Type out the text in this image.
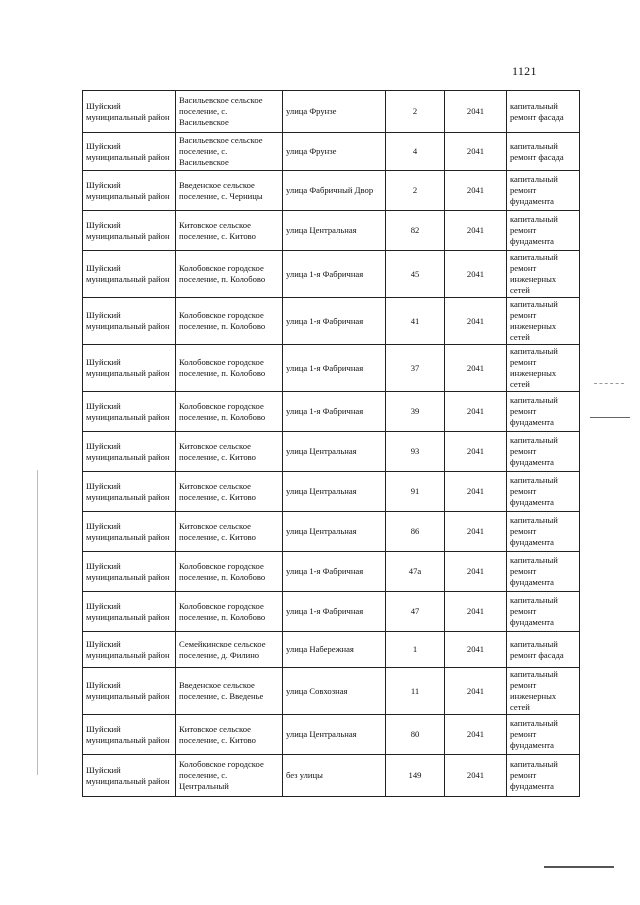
1121
Шуйский муниципальный район	Васильевское сельское поселение, с. Васильевское	улица Фрунзе	2	2041	капитальный ремонт фасада
Шуйский муниципальный район	Васильевское сельское поселение, с. Васильевское	улица Фрунзе	4	2041	капитальный ремонт фасада
Шуйский муниципальный район	Введенское сельское поселение, с. Черницы	улица Фабричный Двор	2	2041	капитальный ремонт фундамента
Шуйский муниципальный район	Китовское сельское поселение, с. Китово	улица Центральная	82	2041	капитальный ремонт фундамента
Шуйский муниципальный район	Колобовское городское поселение, п. Колобово	улица 1-я Фабричная	45	2041	капитальный ремонт инженерных сетей
Шуйский муниципальный район	Колобовское городское поселение, п. Колобово	улица 1-я Фабричная	41	2041	капитальный ремонт инженерных сетей
Шуйский муниципальный район	Колобовское городское поселение, п. Колобово	улица 1-я Фабричная	37	2041	капитальный ремонт инженерных сетей
Шуйский муниципальный район	Колобовское городское поселение, п. Колобово	улица 1-я Фабричная	39	2041	капитальный ремонт фундамента
Шуйский муниципальный район	Китовское сельское поселение, с. Китово	улица Центральная	93	2041	капитальный ремонт фундамента
Шуйский муниципальный район	Китовское сельское поселение, с. Китово	улица Центральная	91	2041	капитальный ремонт фундамента
Шуйский муниципальный район	Китовское сельское поселение, с. Китово	улица Центральная	86	2041	капитальный ремонт фундамента
Шуйский муниципальный район	Колобовское городское поселение, п. Колобово	улица 1-я Фабричная	47а	2041	капитальный ремонт фундамента
Шуйский муниципальный район	Колобовское городское поселение, п. Колобово	улица 1-я Фабричная	47	2041	капитальный ремонт фундамента
Шуйский муниципальный район	Семейкинское сельское поселение, д. Филино	улица Набережная	1	2041	капитальный ремонт фасада
Шуйский муниципальный район	Введенское сельское поселение, с. Введенье	улица Совхозная	11	2041	капитальный ремонт инженерных сетей
Шуйский муниципальный район	Китовское сельское поселение, с. Китово	улица Центральная	80	2041	капитальный ремонт фундамента
Шуйский муниципальный район	Колобовское городское поселение, с. Центральный	без улицы	149	2041	капитальный ремонт фундамента
